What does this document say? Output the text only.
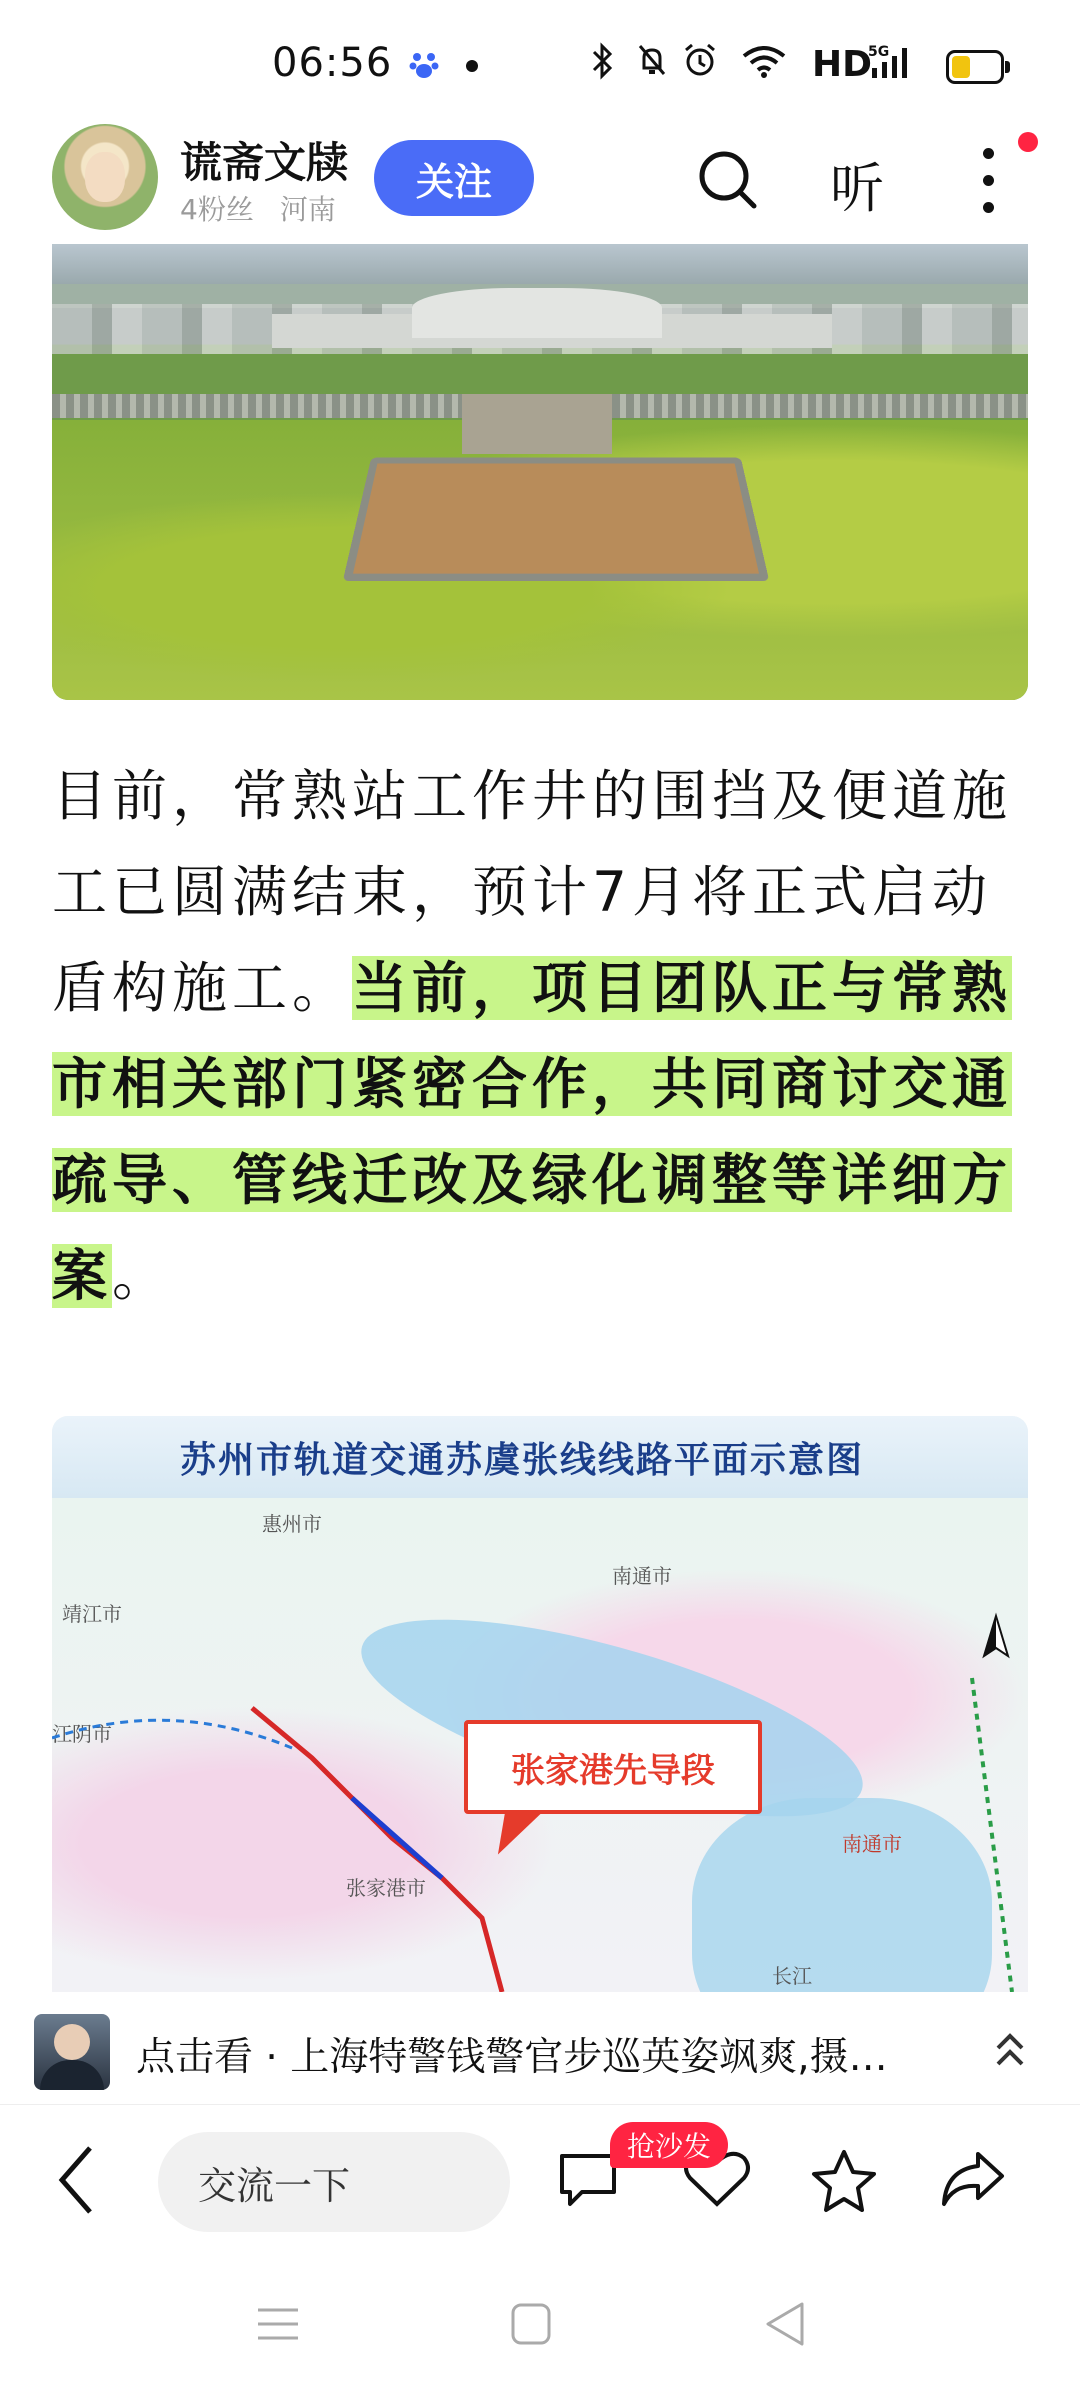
06:56	HD
5G
谎斋文牍
4粉丝 河南
关注	听
目前，常熟站工作井的围挡及便道施工已圆满结束，预计7月将正式启动盾构施工。当前，项目团队正与常熟市相关部门紧密合作，共同商讨交通疏导、管线迁改及绿化调整等详细方案。
苏州市轨道交通苏虞张线线路平面示意图
惠州市
南通市
南通市
靖江市
江阴市
张家港市
长江
张家港先导段
点击看 · 上海特警钱警官步巡英姿飒爽,摄…
交流一下
抢沙发
